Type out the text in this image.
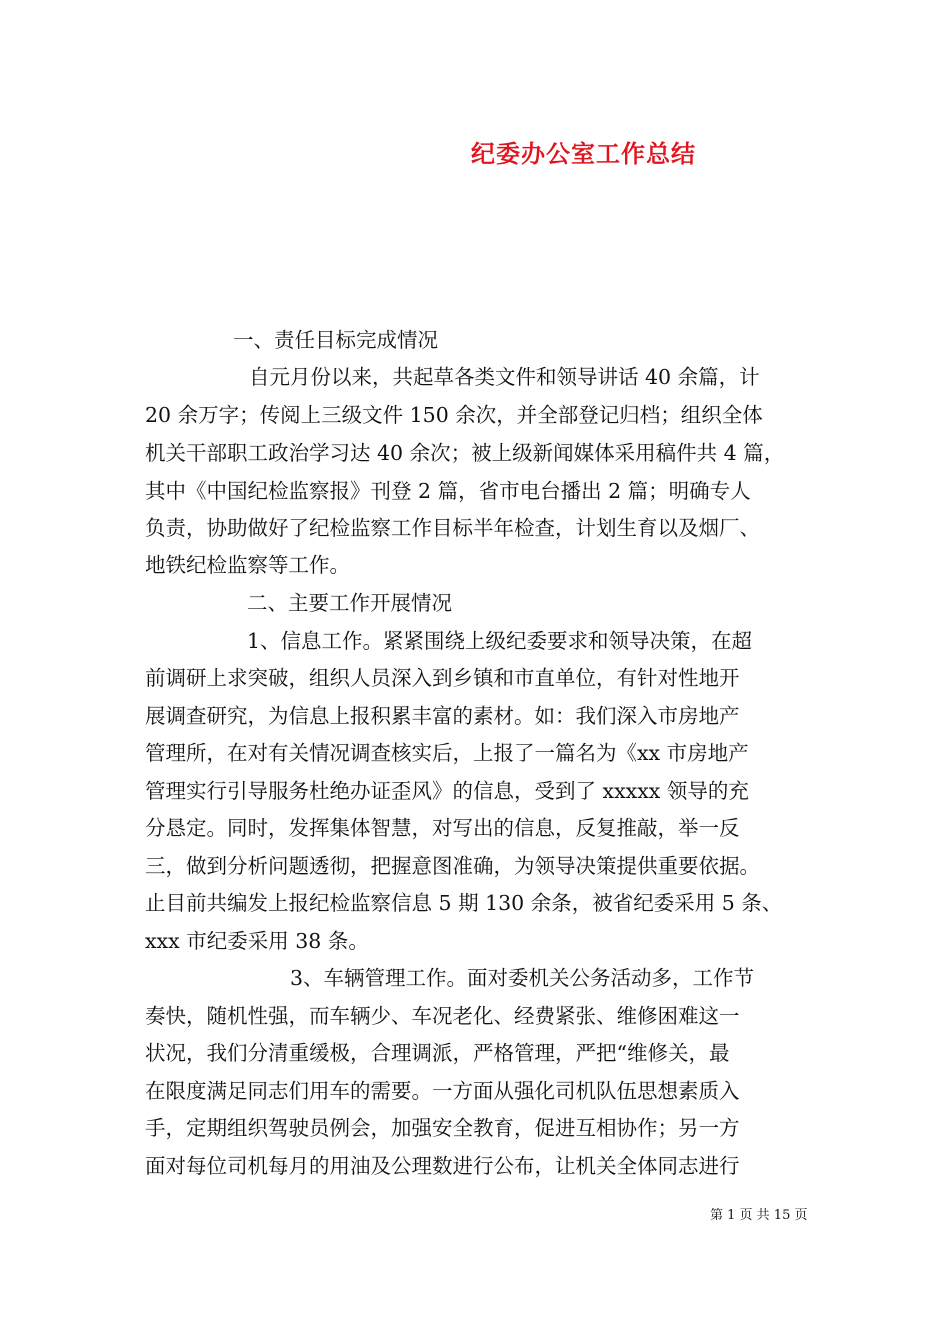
纪委办公室工作总结
一、责任目标完成情况
自元月份以来，共起草各类文件和领导讲话 40 余篇，计
20 余万字；传阅上三级文件 150 余次，并全部登记归档；组织全体
机关干部职工政治学习达 40 余次；被上级新闻媒体采用稿件共 4 篇，
其中《中国纪检监察报》刊登 2 篇，省市电台播出 2 篇；明确专人
负责，协助做好了纪检监察工作目标半年检查，计划生育以及烟厂、
地铁纪检监察等工作。
二、主要工作开展情况
1、信息工作。紧紧围绕上级纪委要求和领导决策，在超
前调研上求突破，组织人员深入到乡镇和市直单位，有针对性地开
展调查研究，为信息上报积累丰富的素材。如：我们深入市房地产
管理所，在对有关情况调查核实后，上报了一篇名为《xx 市房地产
管理实行引导服务杜绝办证歪风》的信息，受到了 xxxxx 领导的充
分恳定。同时，发挥集体智慧，对写出的信息，反复推敲，举一反
三，做到分析问题透彻，把握意图准确，为领导决策提供重要依据。
止目前共编发上报纪检监察信息 5 期 130 余条，被省纪委采用 5 条、
xxx 市纪委采用 38 条。
3、车辆管理工作。面对委机关公务活动多，工作节
奏快，随机性强，而车辆少、车况老化、经费紧张、维修困难这一
状况，我们分清重缓极，合理调派，严格管理，严把“维修关，最
在限度满足同志们用车的需要。一方面从强化司机队伍思想素质入
手，定期组织驾驶员例会，加强安全教育，促进互相协作；另一方
面对每位司机每月的用油及公理数进行公布，让机关全体同志进行
第 1 页 共 15 页
